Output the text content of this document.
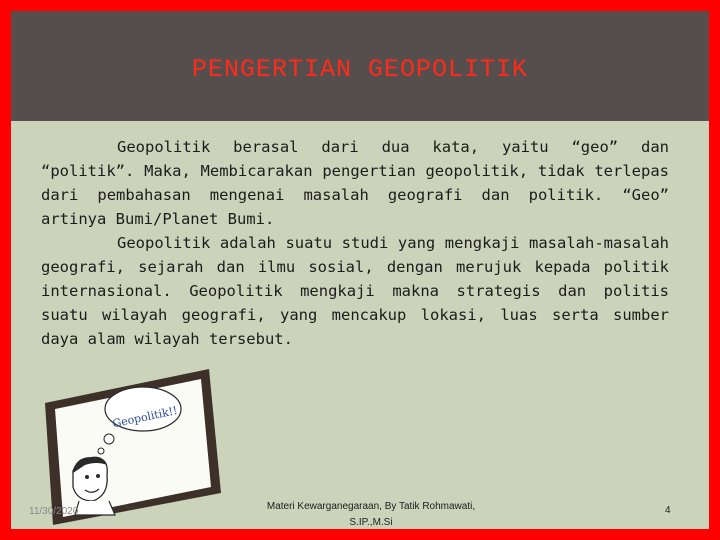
PENGERTIAN GEOPOLITIK

Geopolitik berasal dari dua kata, yaitu “geo” dan “politik”. Maka, Membicarakan pengertian geopolitik, tidak terlepas dari pembahasan mengenai masalah geografi dan politik. “Geo” artinya Bumi/Planet Bumi.

Geopolitik adalah suatu studi yang mengkaji masalah-masalah geografi, sejarah dan ilmu sosial, dengan merujuk kepada politik internasional. Geopolitik mengkaji makna strategis dan politis suatu wilayah geografi, yang mencakup lokasi, luas serta sumber daya alam wilayah tersebut.

Geopolitik!!
∼∽
11/30/2020	Materi Kewarganegaraan, By Tatik Rohmawati,
S.IP.,M.Si
4
